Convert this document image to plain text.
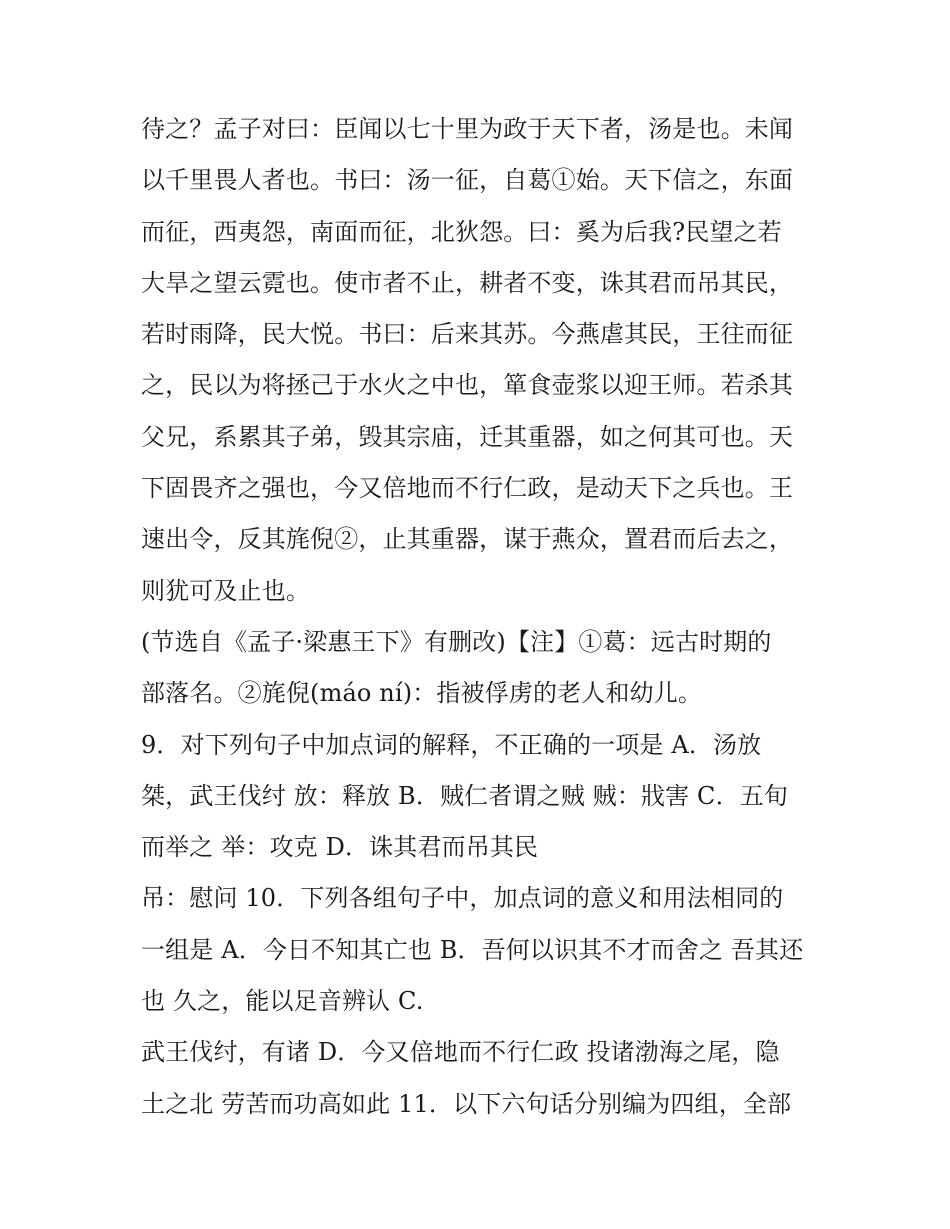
待之？孟子对曰：臣闻以七十里为政于天下者，汤是也。未闻
以千里畏人者也。书曰：汤一征，自葛①始。天下信之，东面
而征，西夷怨，南面而征，北狄怨。曰：奚为后我?民望之若
大旱之望云霓也。使市者不止，耕者不变，诛其君而吊其民，
若时雨降，民大悦。书曰：后来其苏。今燕虐其民，王往而征
之，民以为将拯己于水火之中也，箪食壶浆以迎王师。若杀其
父兄，系累其子弟，毁其宗庙，迁其重器，如之何其可也。天
下固畏齐之强也，今又倍地而不行仁政，是动天下之兵也。王
速出令，反其旄倪②，止其重器，谋于燕众，置君而后去之，
则犹可及止也。
(节选自《孟子·梁惠王下》有删改)【注】①葛：远古时期的
部落名。②旄倪(máo ní)：指被俘虏的老人和幼儿。
9．对下列句子中加点词的解释，不正确的一项是 A．汤放
桀，武王伐纣 放：释放 B．贼仁者谓之贼 贼：戕害 C．五旬
而举之 举：攻克 D．诛其君而吊其民
吊：慰问 10．下列各组句子中，加点词的意义和用法相同的
一组是 A．今日不知其亡也 B．吾何以识其不才而舍之 吾其还
也 久之，能以足音辨认 C.
武王伐纣，有诸 D．今又倍地而不行仁政 投诸渤海之尾，隐
土之北 劳苦而功高如此 11．以下六句话分别编为四组，全部
